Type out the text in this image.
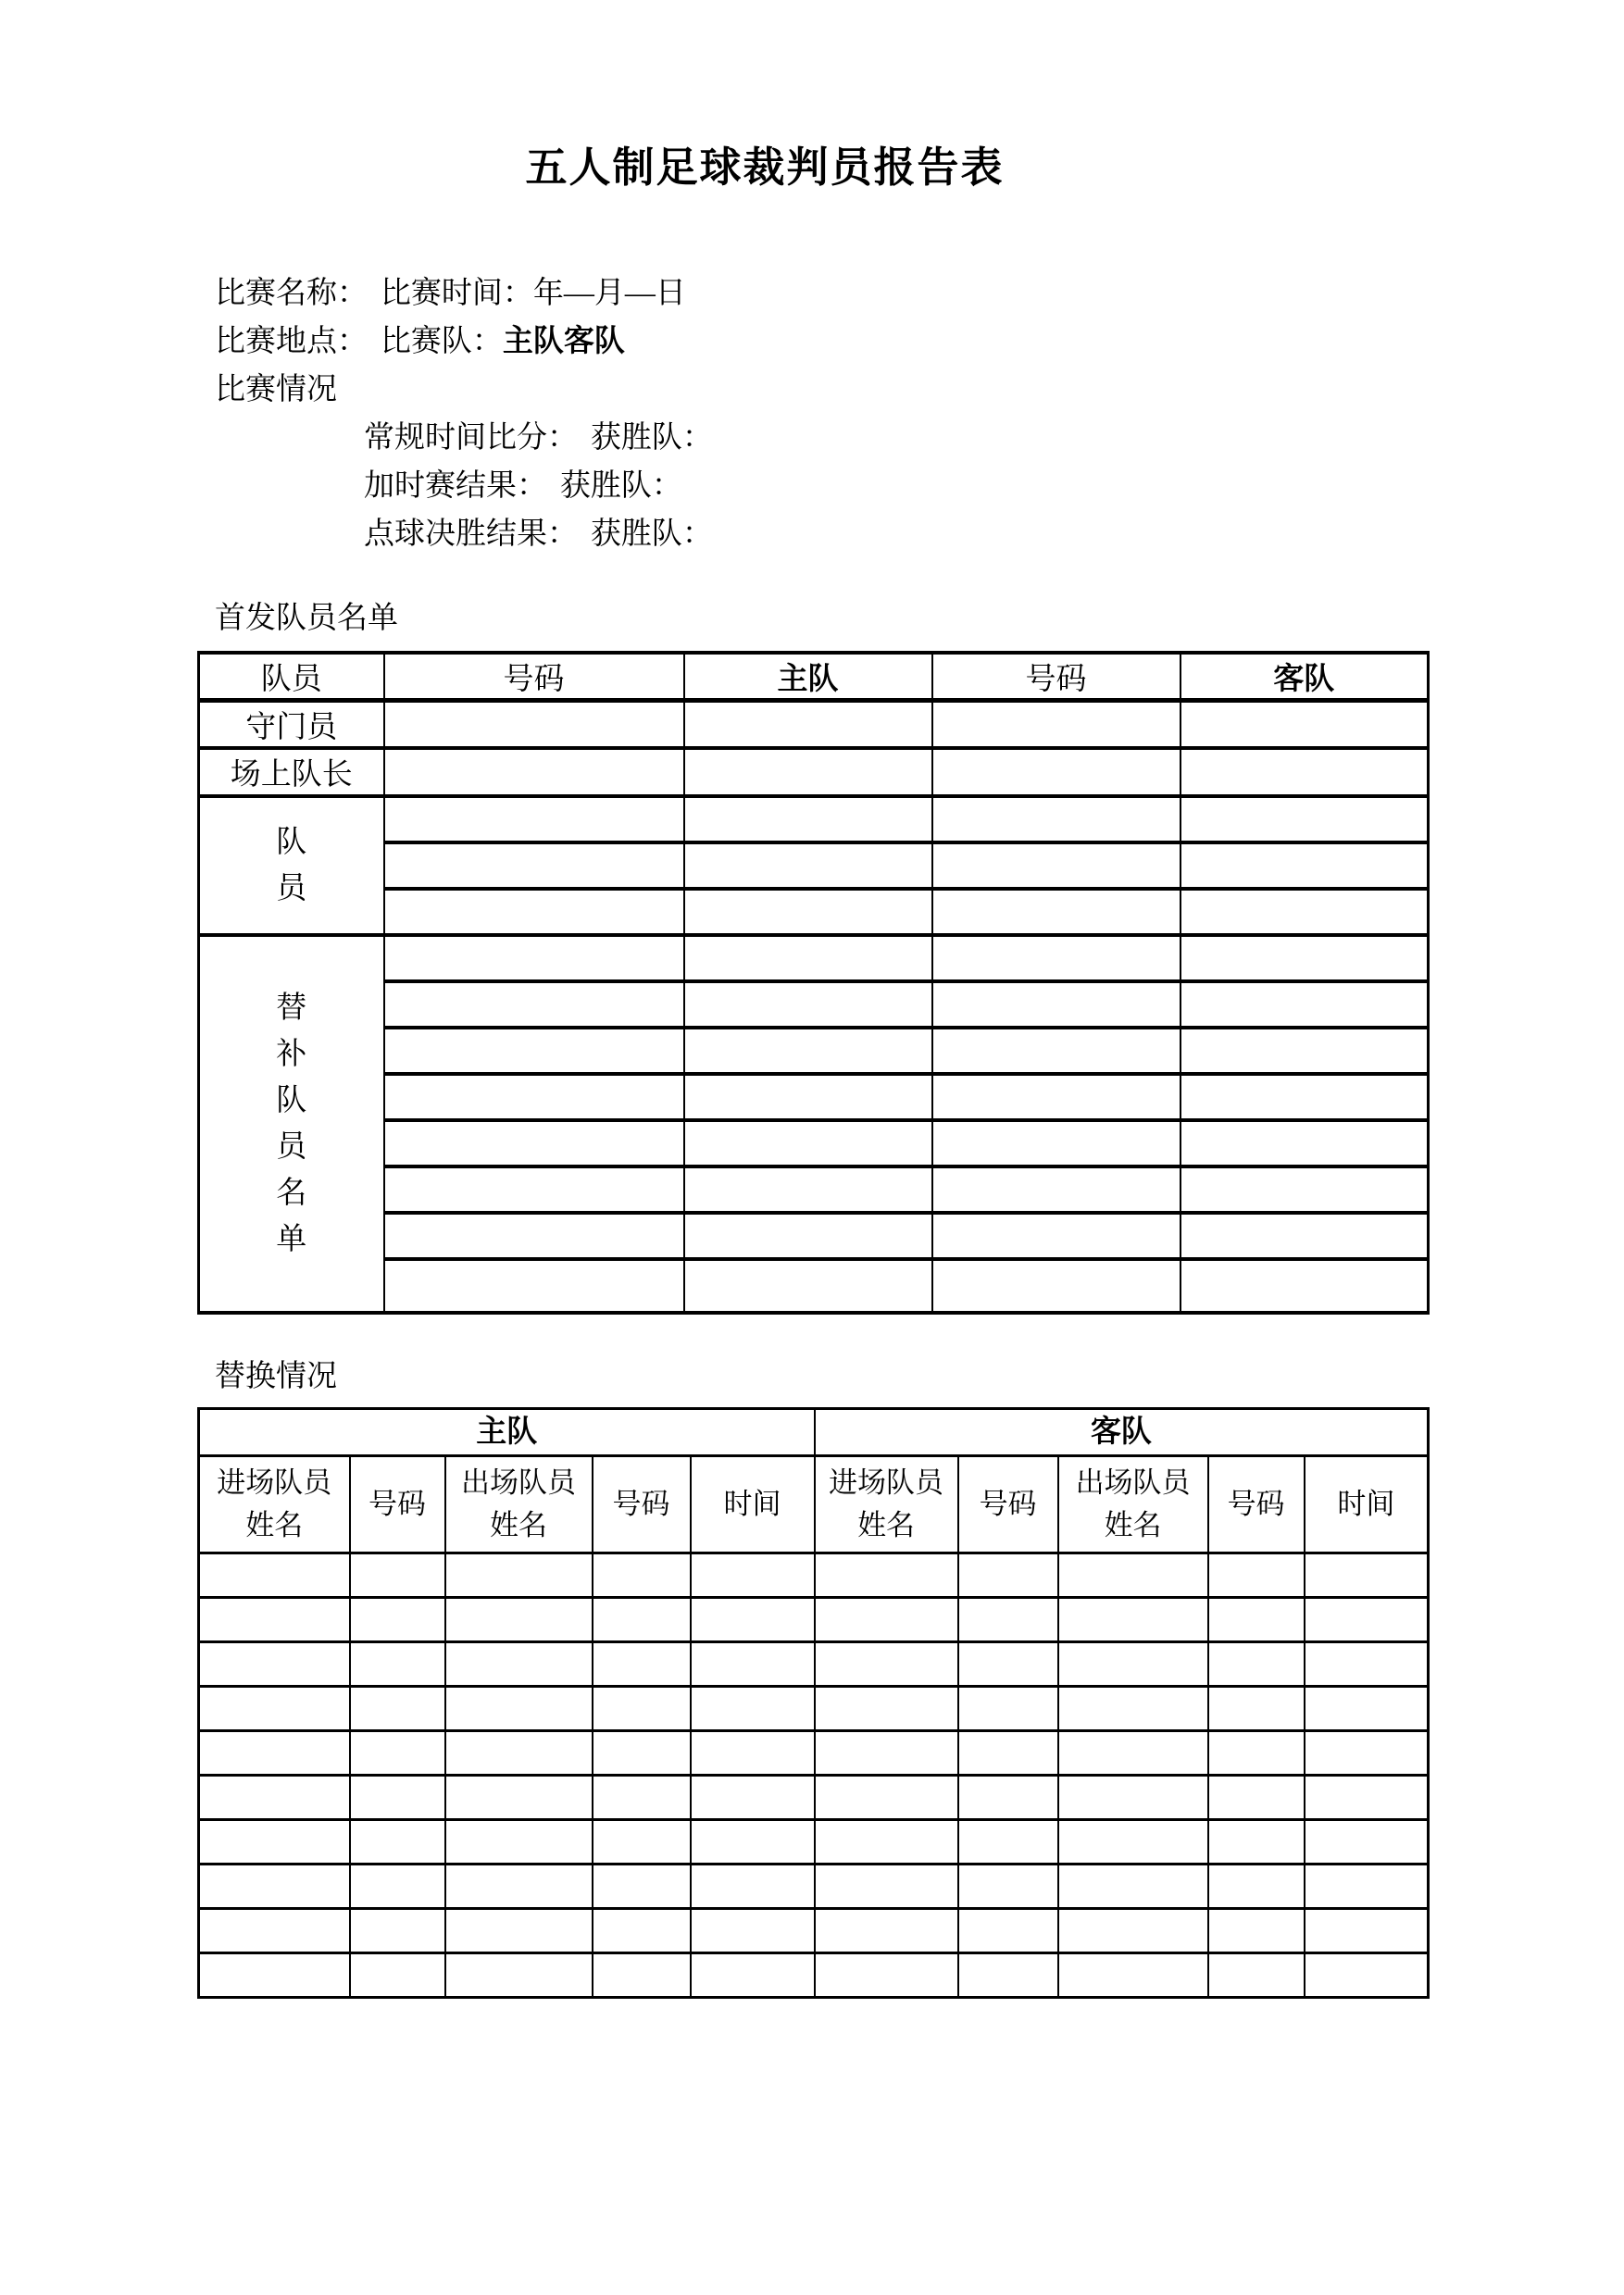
五人制足球裁判员报告表

比赛名称： 比赛时间：年—月—日

比赛地点： 比赛队：主队客队

比赛情况

常规时间比分： 获胜队：

加时赛结果： 获胜队：

点球决胜结果： 获胜队：

首发队员名单
队员	号码	主队	号码	客队
守门员				
场上队长				

队员				

替补队员名单				

替换情况
主队					客队				

进场队员姓名	号码	出场队员姓名	号码	时间	进场队员姓名	号码	出场队员姓名	号码	时间
